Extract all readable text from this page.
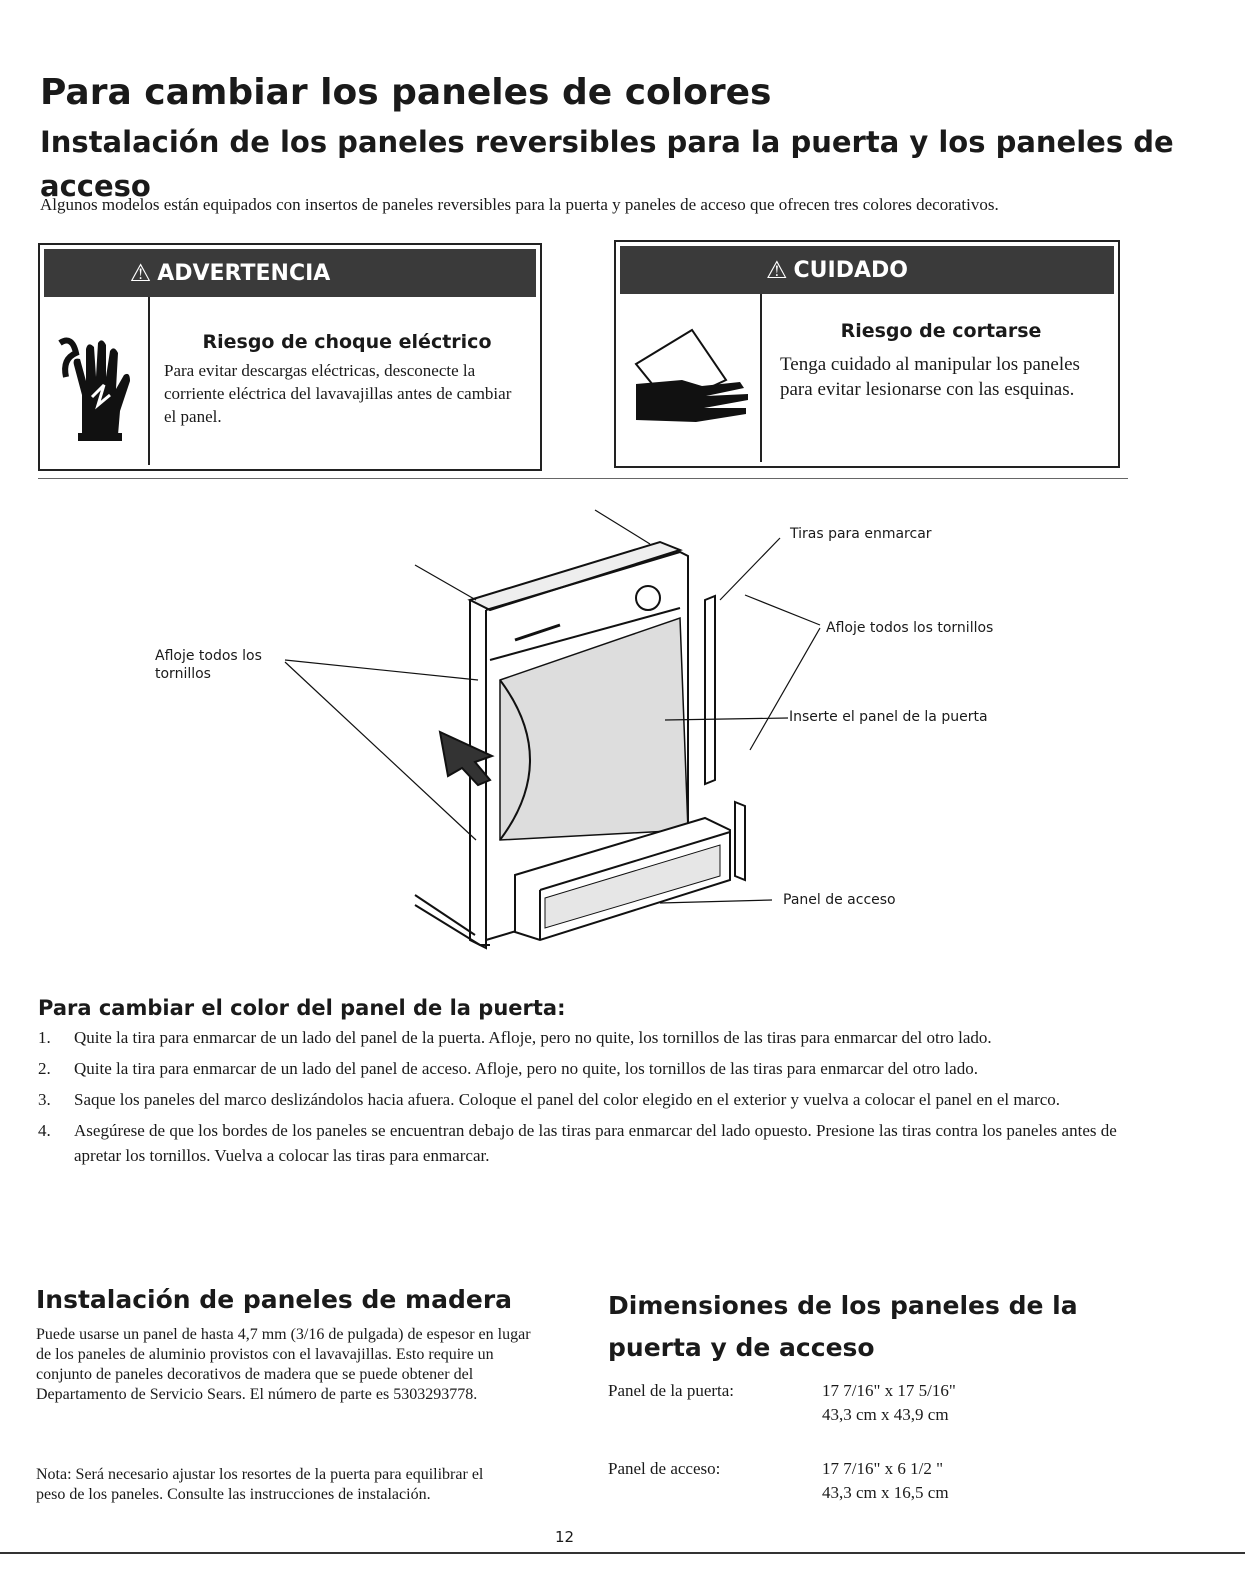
Para cambiar los paneles de colores
Instalación de los paneles reversibles para la puerta y los paneles de acceso
Algunos modelos están equipados con insertos de paneles reversibles para la puerta y paneles de acceso que ofrecen tres colores decorativos.
⚠ ADVERTENCIA
Riesgo de choque eléctrico
Para evitar descargas eléctricas, desconecte la corriente eléctrica del lavavajillas antes de cambiar el panel.
⚠ CUIDADO
Riesgo de cortarse
Tenga cuidado al manipular los paneles para evitar lesionarse con las esquinas.
Afloje todos los tornillos
Tiras para enmarcar
Afloje todos los tornillos
Inserte el panel de la puerta
Panel de acceso
Para cambiar el color del panel de la puerta:
1. Quite la tira para enmarcar de un lado del panel de la puerta. Afloje, pero no quite, los tornillos de las tiras para enmarcar del otro lado.
2. Quite la tira para enmarcar de un lado del panel de acceso. Afloje, pero no quite, los tornillos de las tiras para enmarcar del otro lado.
3. Saque los paneles del marco deslizándolos hacia afuera. Coloque el panel del color elegido en el exterior y vuelva a colocar el panel en el marco.
4. Asegúrese de que los bordes de los paneles se encuentran debajo de las tiras para enmarcar del lado opuesto. Presione las tiras contra los paneles antes de apretar los tornillos. Vuelva a colocar las tiras para enmarcar.
Instalación de paneles de madera
Puede usarse un panel de hasta 4,7 mm (3/16 de pulgada) de espesor en lugar de los paneles de aluminio provistos con el lavavajillas. Esto require un conjunto de paneles decorativos de madera que se puede obtener del Departamento de Servicio Sears. El número de parte es 5303293778.
Nota: Será necesario ajustar los resortes de la puerta para equilibrar el peso de los paneles. Consulte las instrucciones de instalación.
Dimensiones de los paneles de la puerta y de acceso
Panel de la puerta:	17 7/16" x 17 5/16"
43,3 cm x 43,9 cm
Panel de acceso:	17 7/16" x 6 1/2 "
43,3 cm x 16,5 cm
12
